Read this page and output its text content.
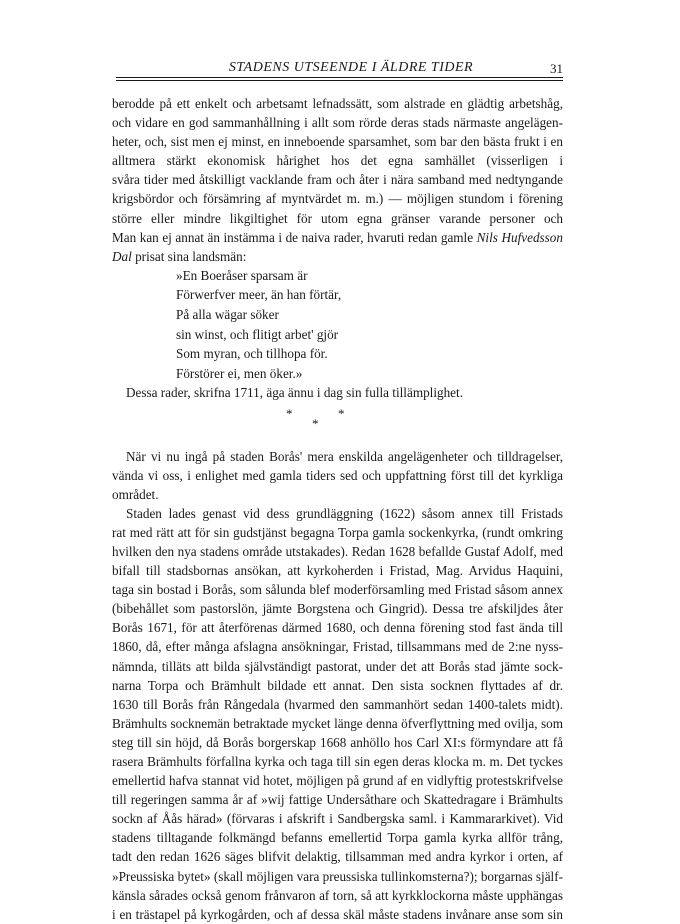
STADENS UTSEENDE I ÄLDRE TIDER	31
berodde på ett enkelt och arbetsamt lefnadssätt, som alstrade en glädtig arbetshåg,
och vidare en god sammanhållning i allt som rörde deras stads närmaste angelägen-
heter, och, sist men ej minst, en inneboende sparsamhet, som bar den bästa frukt i en
alltmera stärkt ekonomisk hårighet hos det egna samhället (visserligen i
svåra tider med åtskilligt vacklande fram och åter i nära samband med nedtyngande
krigsbördor och försämring af myntvärdet m. m.) — möjligen stundom i förening
större eller mindre likgiltighet för utom egna gränser varande personer och
Man kan ej annat än instämma i de naiva rader, hvaruti redan gamle Nils Hufvedsson
Dal prisat sina landsmän:
»En Boeråser sparsam är
Förwerfver meer, än han förtär,
På alla wägar söker
sin winst, och flitigt arbet' gjör
Som myran, och tillhopa för.
Förstörer ei, men öker.»
Dessa rader, skrifna 1711, äga ännu i dag sin fulla tillämplighet.
*
*
*
När vi nu ingå på staden Borås' mera enskilda angelägenheter och tilldragelser,
vända vi oss, i enlighet med gamla tiders sed och uppfattning först till det kyrkliga
området.
Staden lades genast vid dess grundläggning (1622) såsom annex till Fristads
rat med rätt att för sin gudstjänst begagna Torpa gamla sockenkyrka, (rundt omkring
hvilken den nya stadens område utstakades). Redan 1628 befallde Gustaf Adolf, med
bifall till stadsbornas ansökan, att kyrkoherden i Fristad, Mag. Arvidus Haquini,
taga sin bostad i Borås, som sålunda blef moderförsamling med Fristad såsom annex
(bibehållet som pastorslön, jämte Borgstena och Gingrid). Dessa tre afskiljdes åter
Borås 1671, för att återförenas därmed 1680, och denna förening stod fast ända till
1860, då, efter många afslagna ansökningar, Fristad, tillsammans med de 2:ne nyss-
nämnda, tilläts att bilda självständigt pastorat, under det att Borås stad jämte sock-
narna Torpa och Brämhult bildade ett annat. Den sista socknen flyttades af dr.
1630 till Borås från Rångedala (hvarmed den sammanhört sedan 1400-talets midt).
Brämhults socknemän betraktade mycket länge denna öfverflyttning med ovilja, som
steg till sin höjd, då Borås borgerskap 1668 anhöllo hos Carl XI:s förmyndare att få
rasera Brämhults förfallna kyrka och taga till sin egen deras klocka m. m. Det tyckes
emellertid hafva stannat vid hotet, möjligen på grund af en vidlyftig protestskrifvelse
till regeringen samma år af »wij fattige Undersåthare och Skattedragare i Brämhults
sockn af Åås härad» (förvaras i afskrift i Sandbergska saml. i Kammararkivet). Vid
stadens tilltagande folkmängd befanns emellertid Torpa gamla kyrka allför trång,
tadt den redan 1626 säges blifvit delaktig, tillsamman med andra kyrkor i orten, af
»Preussiska bytet» (skall möjligen vara preussiska tullinkomsterna?); borgarnas själf-
känsla sårades också genom frånvaron af torn, så att kyrkklockorna måste upphängas
i en trästapel på kyrkogården, och af dessa skäl måste stadens invånare anse som sin
